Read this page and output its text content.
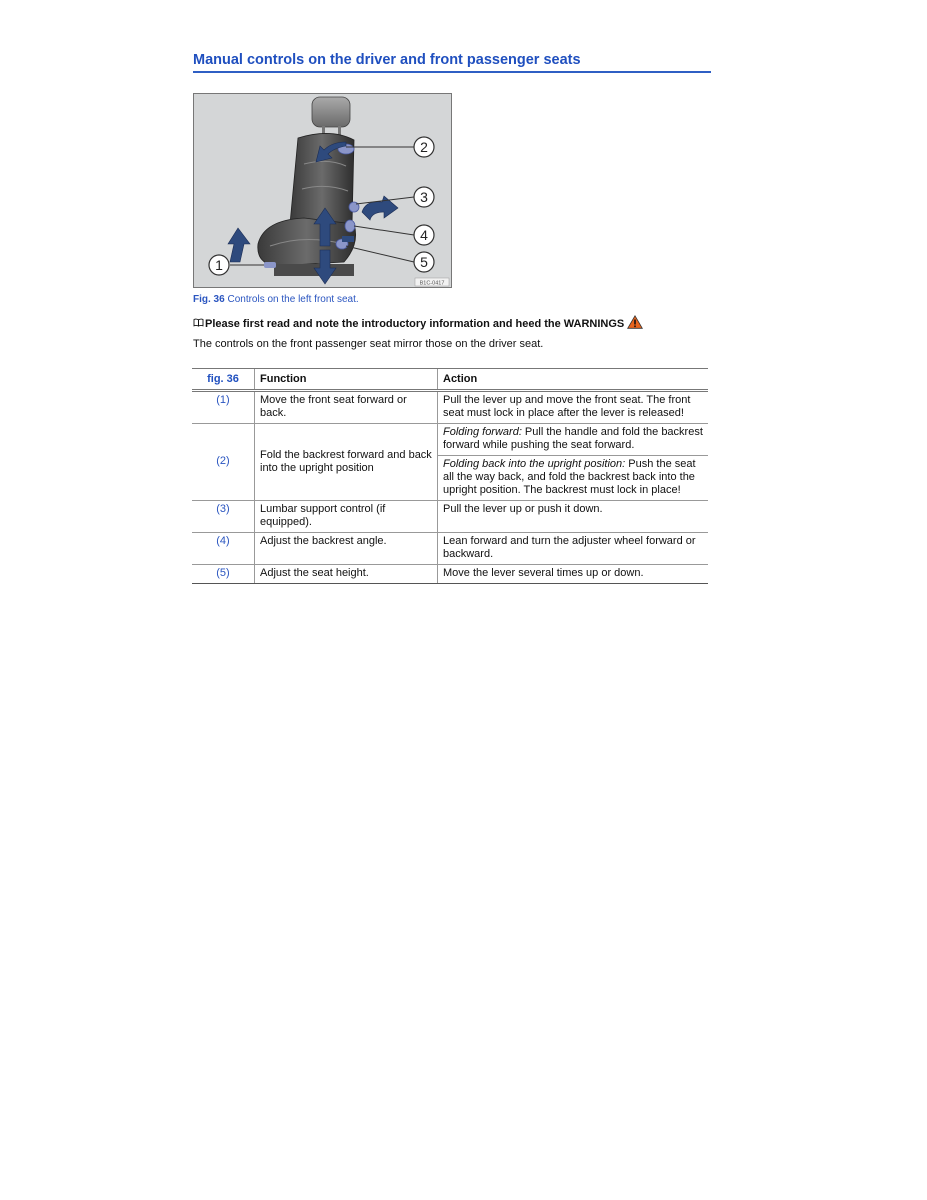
Manual controls on the driver and front passenger seats
2
3
4
5
1
B1C-0417
Fig. 36 Controls on the left front seat.
Please first read and note the introductory information and heed the WARNINGS
The controls on the front passenger seat mirror those on the driver seat.
fig. 36	Function	Action
(1)	Move the front seat forward or back.	Pull the lever up and move the front seat. The front seat must lock in place after the lever is released!
(2)	Fold the backrest forward and back into the upright position	Folding forward: Pull the handle and fold the backrest forward while pushing the seat forward.
		Folding back into the upright position: Push the seat all the way back, and fold the backrest back into the upright position. The backrest must lock in place!
(3)	Lumbar support control (if equipped).	Pull the lever up or push it down.
(4)	Adjust the backrest angle.	Lean forward and turn the adjuster wheel forward or backward.
(5)	Adjust the seat height.	Move the lever several times up or down.
